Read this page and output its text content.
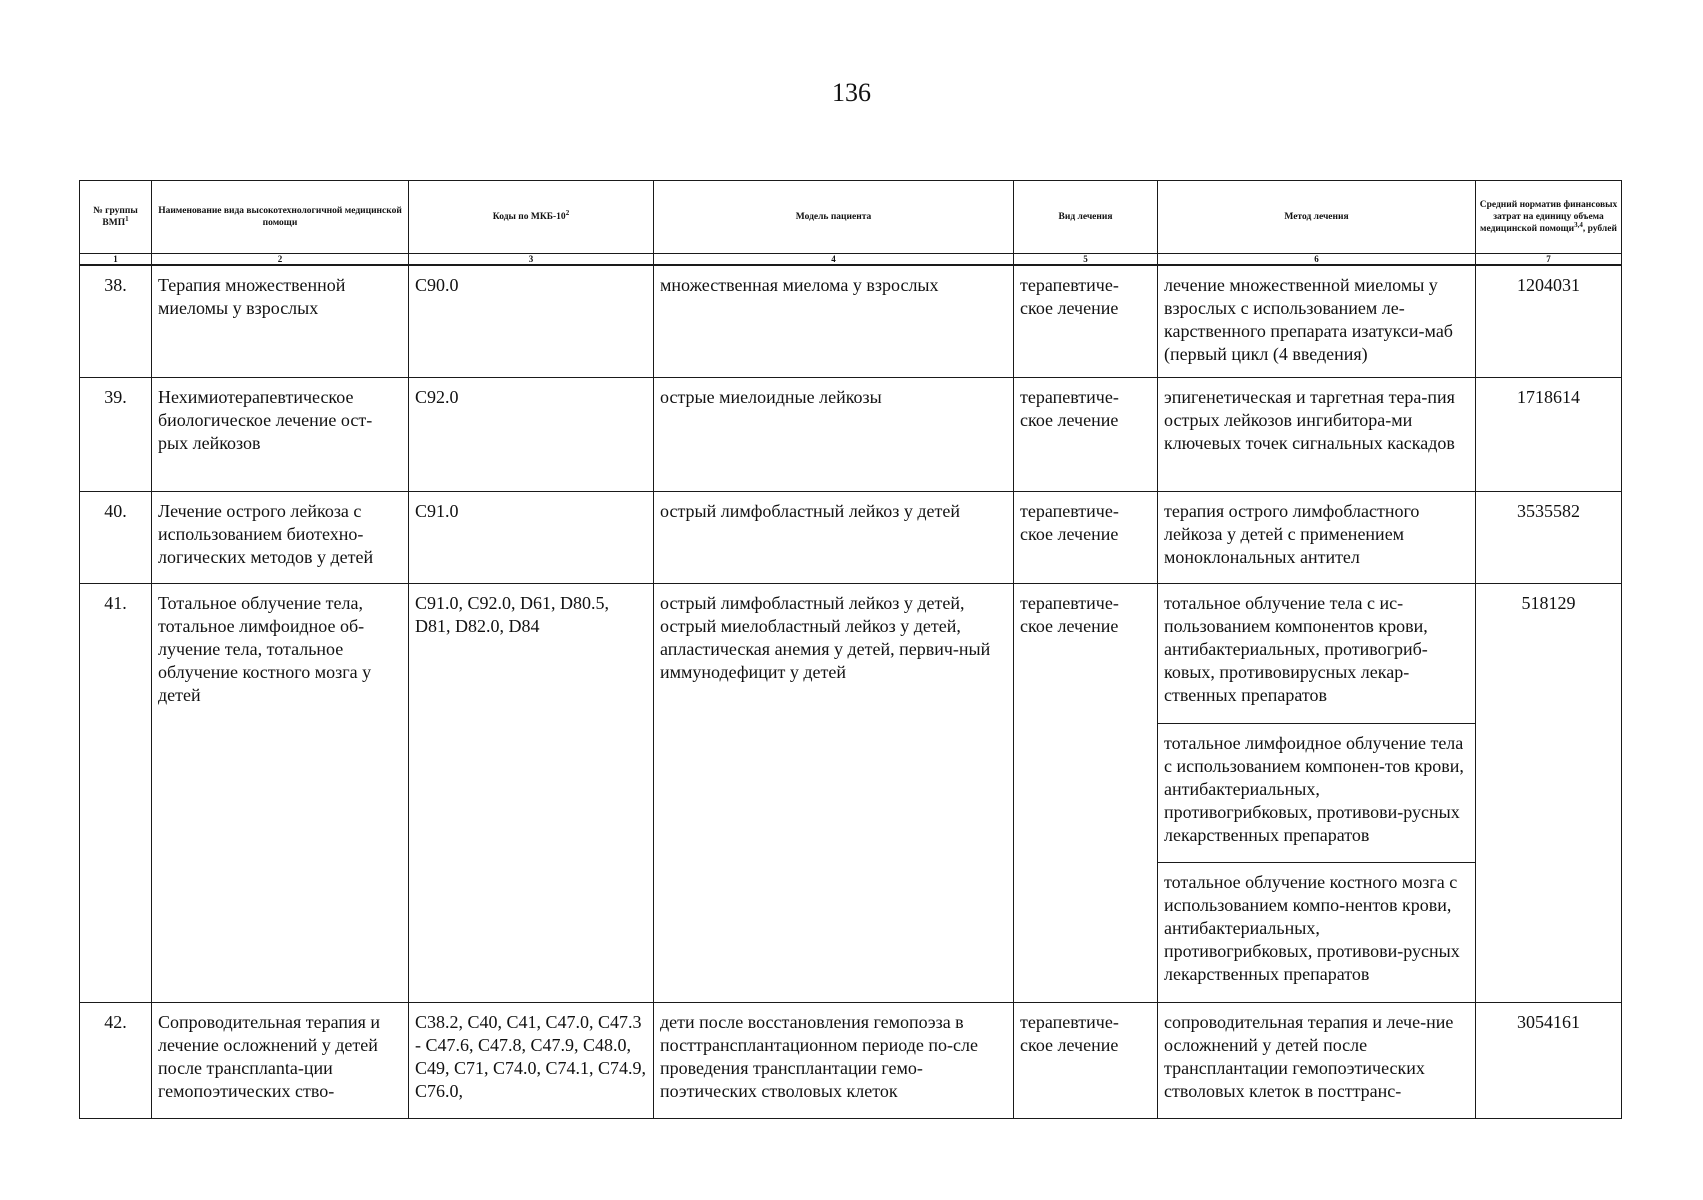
136
№ группы ВМП$^1$	Наименование вида высокотехнологичной медицинской помощи	Коды по МКБ-$10^2$	Модель пациента	Вид лечения	Метод лечения	Средний норматив финансовых затрат на единицу объема медицинской помощи$^{3,4}$, рублей
1	2	3	4	5	6	7
38.	Терапия множественной миеломы у взрослых	C90.0	множественная миелома у взрослых	терапевтиче-ское лечение	лечение множественной миеломы у взрослых с использованием ле-карственного препарата изатукси-маб (первый цикл (4 введения)	1204031
39.	Нехимиотерапевтическое биологическое лечение ост-рых лейкозов	C92.0	острые миелоидные лейкозы	терапевтиче-ское лечение	эпигенетическая и таргетная тера-пия острых лейкозов ингибитора-ми ключевых точек сигнальных каскадов	1718614
40.	Лечение острого лейкоза с использованием биотехно-логических методов у детей	C91.0	острый лимфобластный лейкоз у детей	терапевтиче-ское лечение	терапия острого лимфобластного лейкоза у детей с применением моноклональных антител	3535582
41.	Тотальное облучение тела, тотальное лимфоидное об-лучение тела, тотальное облучение костного мозга у детей	C91.0, C92.0, D61, D80.5, D81, D82.0, D84	острый лимфобластный лейкоз у детей, острый миелобластный лейкоз у детей, апластическая анемия у детей, первич-ный иммунодефицит у детей	терапевтиче-ское лечение	тотальное облучение тела с ис-пользованием компонентов крови, антибактериальных, противогриб-ковых, противовирусных лекар-ственных препаратов	518129
					тотальное лимфоидное облучение тела с использованием компонен-тов крови, антибактериальных, противогрибковых, противови-русных лекарственных препаратов	
					тотальное облучение костного мозга с использованием компо-нентов крови, антибактериальных, противогрибковых, противови-русных лекарственных препаратов	
42.	Сопроводительная терапия и лечение осложнений у детей после трансплanta-ции гемопоэтических ство-	C38.2, C40, C41, C47.0, C47.3 - C47.6, C47.8, C47.9, C48.0, C49, C71, C74.0, C74.1, C74.9, C76.0,	дети после восстановления гемопоэза в посттрансплантационном периоде по-сле проведения трансплантации гемо-поэтических стволовых клеток	терапевтиче-ское лечение	сопроводительная терапия и лече-ние осложнений у детей после трансплантации гемопоэтических стволовых клеток в посттранс-	3054161
